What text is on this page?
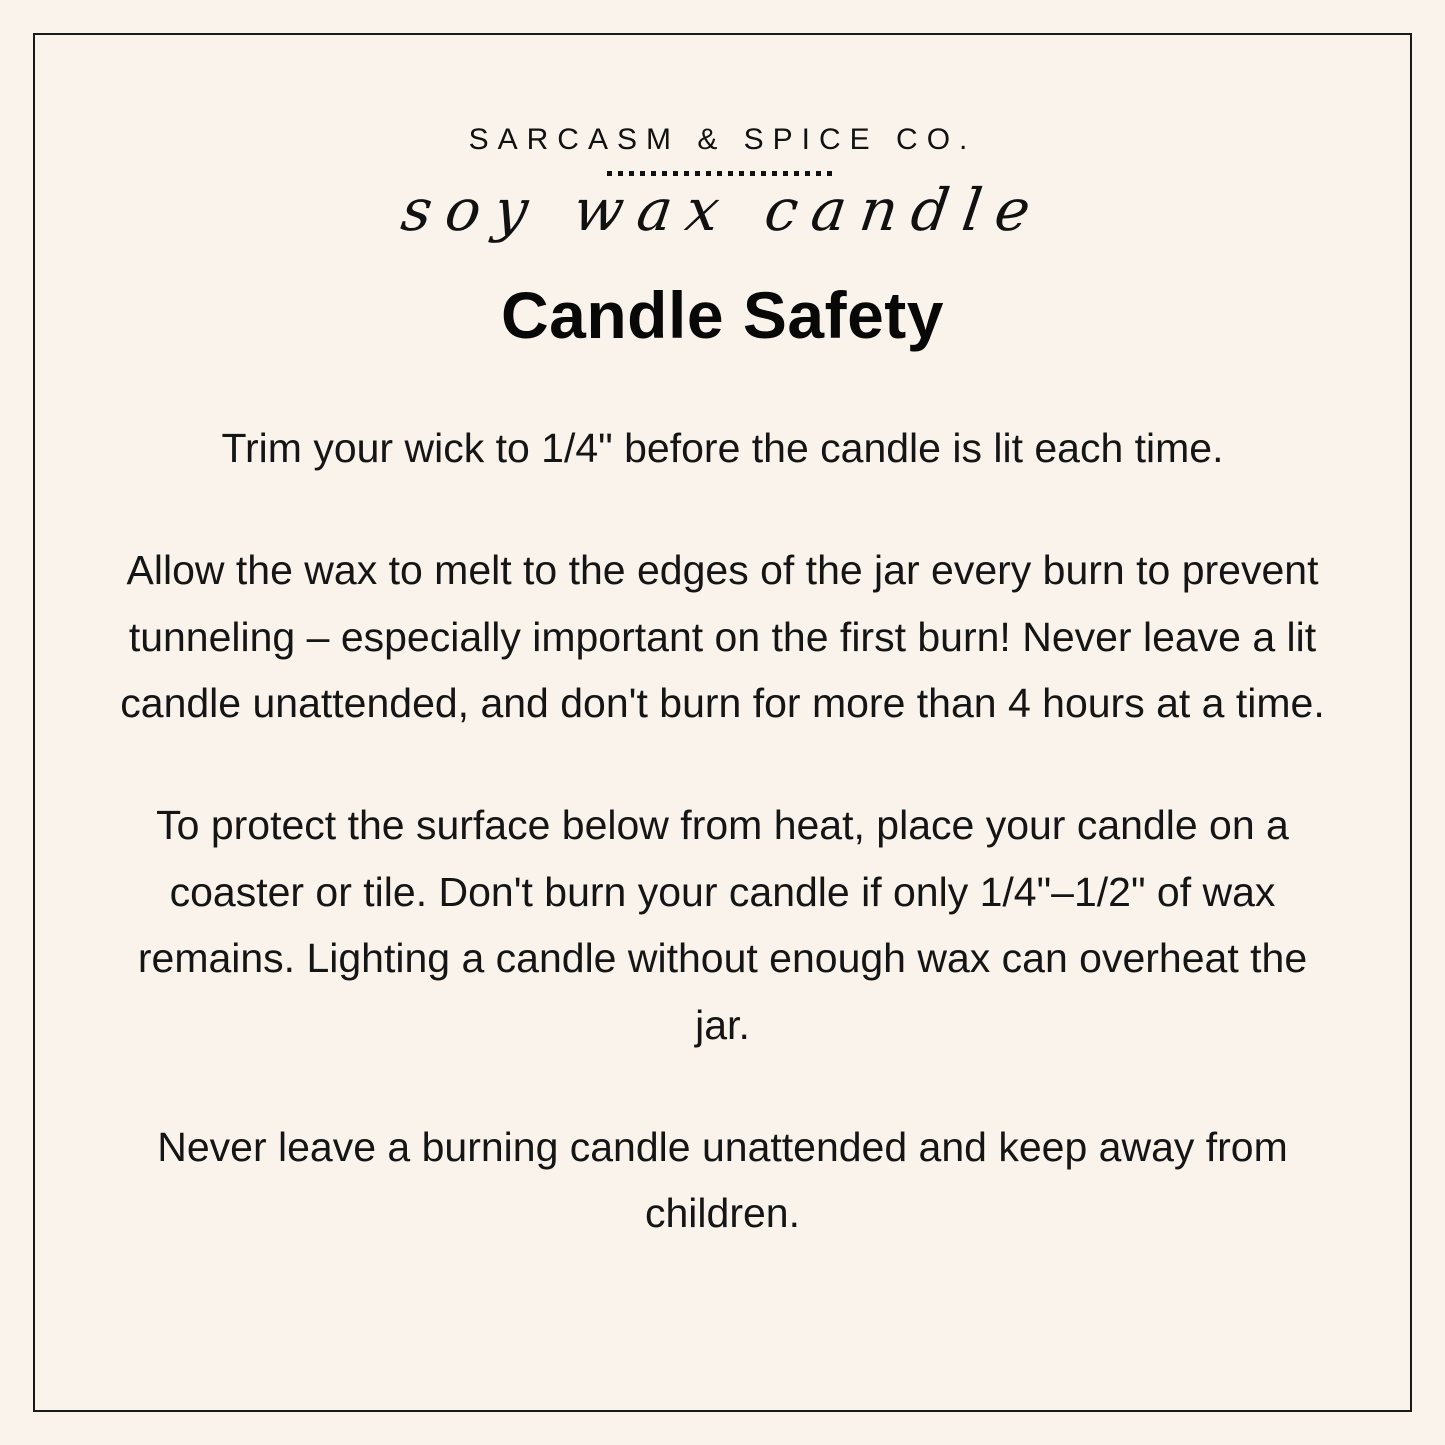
SARCASM & SPICE CO.
soy wax candle
Candle Safety

Trim your wick to 1/4" before the candle is lit each time.

Allow the wax to melt to the edges of the jar every burn to prevent tunneling – especially important on the first burn! Never leave a lit candle unattended, and don't burn for more than 4 hours at a time.

To protect the surface below from heat, place your candle on a coaster or tile. Don't burn your candle if only 1/4"–1/2" of wax remains. Lighting a candle without enough wax can overheat the jar.

Never leave a burning candle unattended and keep away from children.
